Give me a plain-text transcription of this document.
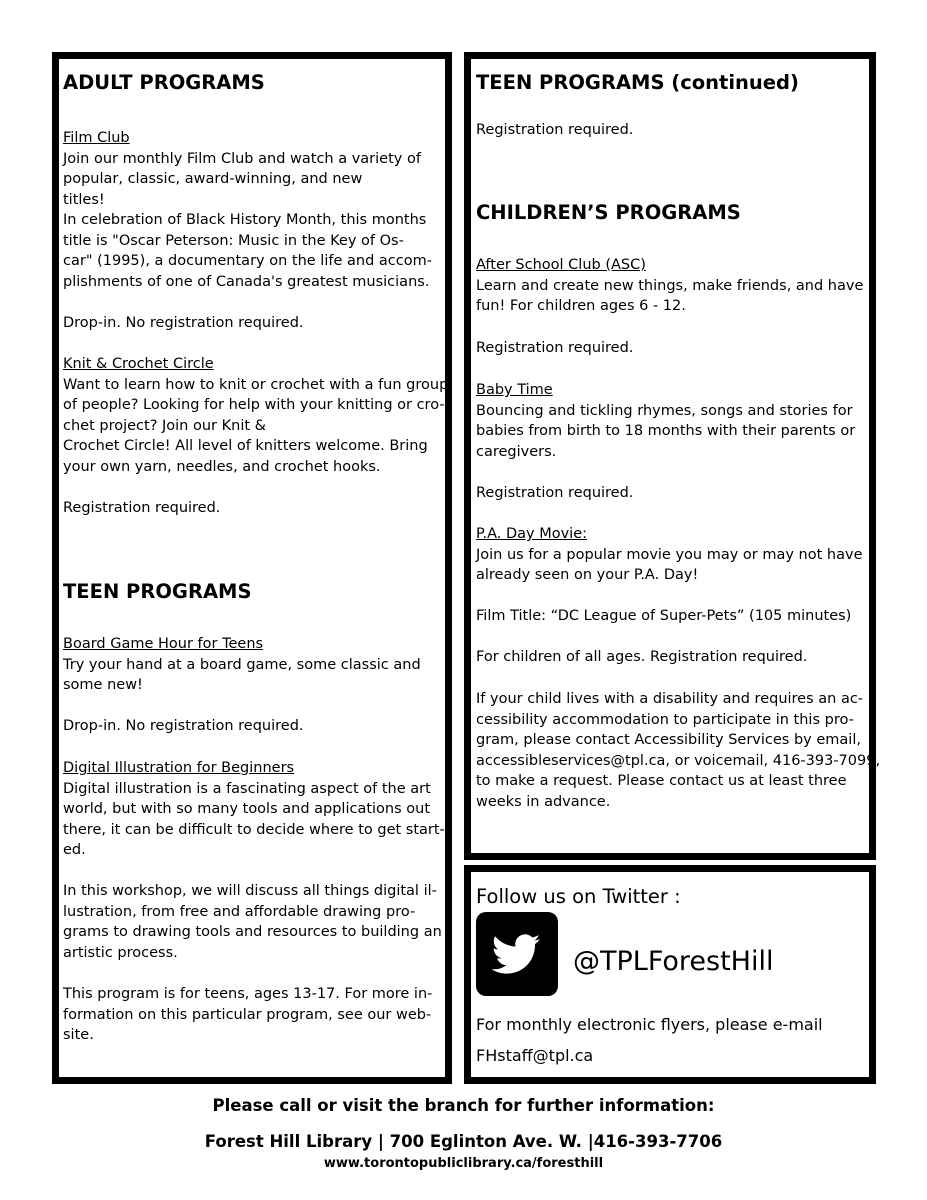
ADULT PROGRAMS
Film Club
Join our monthly Film Club and watch a variety of
popular, classic, award-winning, and new
titles!
In celebration of Black History Month, this months
title is "Oscar Peterson: Music in the Key of Os-
car" (1995), a documentary on the life and accom-
plishments of one of Canada's greatest musicians.
Drop-in. No registration required.
Knit & Crochet Circle
Want to learn how to knit or crochet with a fun group
of people? Looking for help with your knitting or cro-
chet project? Join our Knit &
Crochet Circle! All level of knitters welcome. Bring
your own yarn, needles, and crochet hooks.
Registration required.
TEEN PROGRAMS
Board Game Hour for Teens
Try your hand at a board game, some classic and
some new!
Drop-in. No registration required.
Digital Illustration for Beginners
Digital illustration is a fascinating aspect of the art
world, but with so many tools and applications out
there, it can be difficult to decide where to get start-
ed.
In this workshop, we will discuss all things digital il-
lustration, from free and affordable drawing pro-
grams to drawing tools and resources to building an
artistic process.
This program is for teens, ages 13-17. For more in-
formation on this particular program, see our web-
site.
TEEN PROGRAMS (continued)
Registration required.
CHILDREN’S PROGRAMS
After School Club (ASC)
Learn and create new things, make friends, and have
fun! For children ages 6 - 12.
Registration required.
Baby Time
Bouncing and tickling rhymes, songs and stories for
babies from birth to 18 months with their parents or
caregivers.
Registration required.
P.A. Day Movie:
Join us for a popular movie you may or may not have
already seen on your P.A. Day!
Film Title: “DC League of Super-Pets” (105 minutes)
For children of all ages. Registration required.
If your child lives with a disability and requires an ac-
cessibility accommodation to participate in this pro-
gram, please contact Accessibility Services by email,
accessibleservices@tpl.ca, or voicemail, 416-393-7099,
to make a request. Please contact us at least three
weeks in advance.
Follow us on Twitter :
@TPLForestHill
For monthly electronic flyers, please e-mail
FHstaff@tpl.ca
Please call or visit the branch for further information:
Forest Hill Library | 700 Eglinton Ave. W. |416-393-7706
www.torontopubliclibrary.ca/foresthill
